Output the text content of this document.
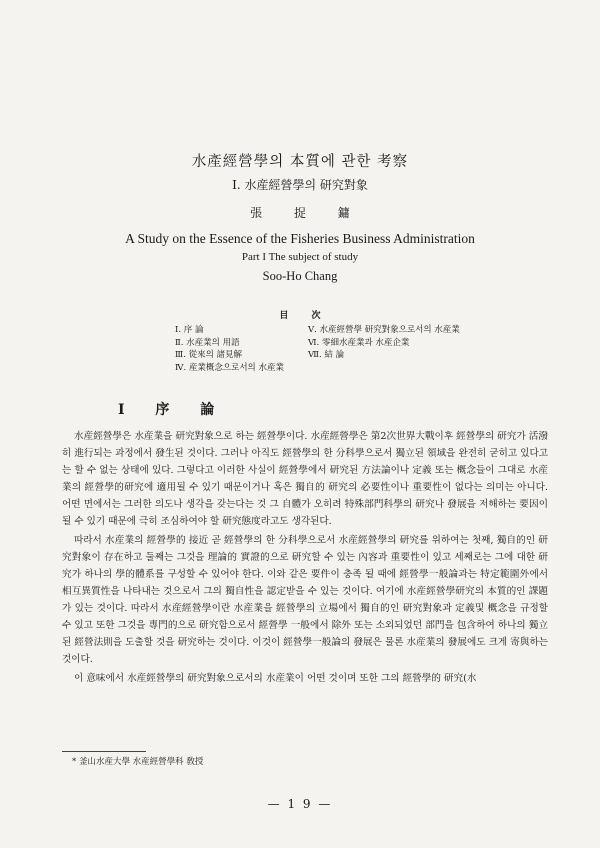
水產經營學의 本質에 관한 考察
I. 水産經營學의 研究對象
張 捉 鏞
A Study on the Essence of the Fisheries Business Administration
Part I The subject of study
Soo-Ho Chang
目 次
I. 序 論
Ⅱ. 水産業의 用語
Ⅲ. 從來의 諸見解
Ⅳ. 産業概念으로서의 水産業
Ⅴ. 水産經營學 研究對象으로서의 水産業
Ⅵ. 零細水産業과 水産企業
Ⅶ. 結 論
I 序 論

水産經營學은 水産業을 研究對象으로 하는 經營學이다. 水産經營學은 第2次世界大戰이후 經營學의 研究가 活潑히 進行되는 과정에서 發生된 것이다. 그러나 아직도 經營學의 한 分科學으로서 獨立된 領域을 완전히 굳히고 있다고는 할 수 없는 상태에 있다. 그렇다고 이러한 사실이 經營學에서 研究된 方法論이나 定義 또는 概念들이 그대로 水産業의 經營學的研究에 適用될 수 있기 때문이거나 혹은 獨自的 研究의 必要性이나 重要性이 없다는 의미는 아니다. 어떤 면에서는 그러한 의도나 생각을 갖는다는 것 그 自體가 오히려 特殊部門科學의 研究나 發展을 저해하는 要因이 될 수 있기 때문에 극히 조심하여야 할 研究態度라고도 생각된다.

따라서 水産業의 經營學的 接近 곧 經營學의 한 分科學으로서 水産經營學의 研究를 위하여는 첫째, 獨自的인 研究對象이 存在하고 둘째는 그것을 理論的 實證的으로 研究할 수 있는 內容과 重要性이 있고 세째로는 그에 대한 研究가 하나의 學的體系를 구성할 수 있어야 한다. 이와 같은 要件이 충족 될 때에 經營學一般論과는 特定範圍外에서 相互異質性을 나타내는 것으로서 그의 獨自性을 認定받을 수 있는 것이다. 여기에 水産經營學研究의 本質的인 課題가 있는 것이다. 따라서 水産經營學이란 水産業을 經營學의 立場에서 獨自的인 研究對象과 定義및 概念을 규정할 수 있고 또한 그것을 專門的으로 研究함으로서 經營學 一般에서 除外 또는 소외되었던 部門을 包含하여 하나의 獨立된 經營法則을 도출할 것을 研究하는 것이다. 이것이 經營學一般論의 發展은 물론 水産業의 發展에도 크게 寄與하는 것이다.

이 意味에서 水産經營學의 研究對象으로서의 水産業이 어떤 것이며 또한 그의 經營學的 研究(水

* 釜山水産大學 水産經營學科 敎授
— 1 9 —
